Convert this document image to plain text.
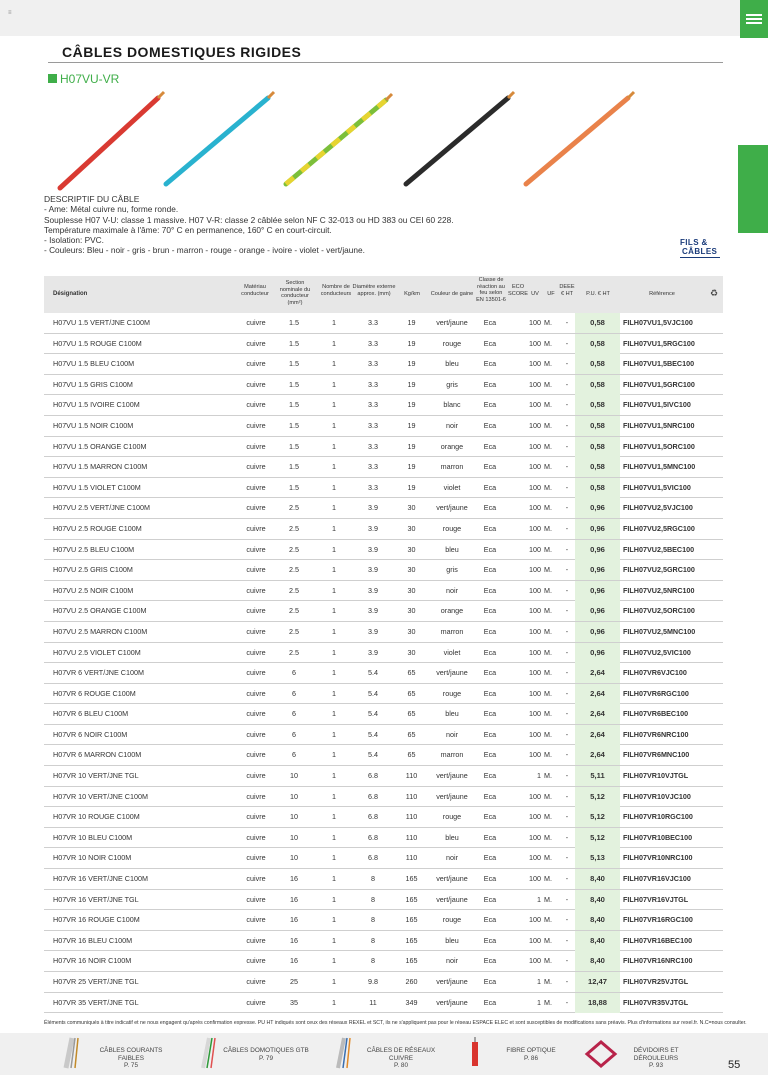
≡
CÂBLES DOMESTIQUES RIGIDES
H07VU-VR
DESCRIPTIF DU CÂBLE
- Ame: Métal cuivre nu, forme ronde.
Souplesse H07 V-U: classe 1 massive. H07 V-R: classe 2 câblée selon NF C 32-013 ou HD 383 ou CEI 60 228.
Température maximale à l'âme: 70° C en permanence, 160° C en court-circuit.
- Isolation: PVC.
- Couleurs: Bleu - noir - gris - brun - marron - rouge - orange - ivoire - violet - vert/jaune.
FILS &
CÂBLES
Désignation
Matériau conducteur
Section nominale du conducteur (mm²)
Nombre de conducteurs
Diamètre externe approx. (mm)	Kg/km	Couleur de gaine
Classe de réaction au feu selon EN 13501-6
ECO SCORE UV	UF
DEEE € HT	P.U. € HT	Référence	♻
H07VU 1.5 VERT/JNE C100M	cuivre	1.5	1	3.3	19	vert/jaune	Eca	100 M.	-	0,58	FILH07VU1,5VJC100
H07VU 1.5 ROUGE C100M	cuivre	1.5	1	3.3	19	rouge	Eca	100 M.	-	0,58	FILH07VU1,5RGC100
H07VU 1.5 BLEU C100M	cuivre	1.5	1	3.3	19	bleu	Eca	100 M.	-	0,58	FILH07VU1,5BEC100
H07VU 1.5 GRIS C100M	cuivre	1.5	1	3.3	19	gris	Eca	100 M.	-	0,58	FILH07VU1,5GRC100
H07VU 1.5 IVOIRE C100M	cuivre	1.5	1	3.3	19	blanc	Eca	100 M.	-	0,58	FILH07VU1,5IVC100
H07VU 1.5 NOIR C100M	cuivre	1.5	1	3.3	19	noir	Eca	100 M.	-	0,58	FILH07VU1,5NRC100
H07VU 1.5 ORANGE C100M	cuivre	1.5	1	3.3	19	orange	Eca	100 M.	-	0,58	FILH07VU1,5ORC100
H07VU 1.5 MARRON C100M	cuivre	1.5	1	3.3	19	marron	Eca	100 M.	-	0,58	FILH07VU1,5MNC100
H07VU 1.5 VIOLET C100M	cuivre	1.5	1	3.3	19	violet	Eca	100 M.	-	0,58	FILH07VU1,5VIC100
H07VU 2.5 VERT/JNE C100M	cuivre	2.5	1	3.9	30	vert/jaune	Eca	100 M.	-	0,96	FILH07VU2,5VJC100
H07VU 2.5 ROUGE C100M	cuivre	2.5	1	3.9	30	rouge	Eca	100 M.	-	0,96	FILH07VU2,5RGC100
H07VU 2.5 BLEU C100M	cuivre	2.5	1	3.9	30	bleu	Eca	100 M.	-	0,96	FILH07VU2,5BEC100
H07VU 2.5 GRIS C100M	cuivre	2.5	1	3.9	30	gris	Eca	100 M.	-	0,96	FILH07VU2,5GRC100
H07VU 2.5 NOIR C100M	cuivre	2.5	1	3.9	30	noir	Eca	100 M.	-	0,96	FILH07VU2,5NRC100
H07VU 2.5 ORANGE C100M	cuivre	2.5	1	3.9	30	orange	Eca	100 M.	-	0,96	FILH07VU2,5ORC100
H07VU 2.5 MARRON C100M	cuivre	2.5	1	3.9	30	marron	Eca	100 M.	-	0,96	FILH07VU2,5MNC100
H07VU 2.5 VIOLET C100M	cuivre	2.5	1	3.9	30	violet	Eca	100 M.	-	0,96	FILH07VU2,5VIC100
H07VR 6 VERT/JNE C100M	cuivre	6	1	5.4	65	vert/jaune	Eca	100 M.	-	2,64	FILH07VR6VJC100
H07VR 6 ROUGE C100M	cuivre	6	1	5.4	65	rouge	Eca	100 M.	-	2,64	FILH07VR6RGC100
H07VR 6 BLEU C100M	cuivre	6	1	5.4	65	bleu	Eca	100 M.	-	2,64	FILH07VR6BEC100
H07VR 6 NOIR C100M	cuivre	6	1	5.4	65	noir	Eca	100 M.	-	2,64	FILH07VR6NRC100
H07VR 6 MARRON C100M	cuivre	6	1	5.4	65	marron	Eca	100 M.	-	2,64	FILH07VR6MNC100
H07VR 10 VERT/JNE TGL	cuivre	10	1	6.8	110	vert/jaune	Eca	1 M.	-	5,11	FILH07VR10VJTGL
H07VR 10 VERT/JNE C100M	cuivre	10	1	6.8	110	vert/jaune	Eca	100 M.	-	5,12	FILH07VR10VJC100
H07VR 10 ROUGE C100M	cuivre	10	1	6.8	110	rouge	Eca	100 M.	-	5,12	FILH07VR10RGC100
H07VR 10 BLEU C100M	cuivre	10	1	6.8	110	bleu	Eca	100 M.	-	5,12	FILH07VR10BEC100
H07VR 10 NOIR C100M	cuivre	10	1	6.8	110	noir	Eca	100 M.	-	5,13	FILH07VR10NRC100
H07VR 16 VERT/JNE C100M	cuivre	16	1	8	165	vert/jaune	Eca	100 M.	-	8,40	FILH07VR16VJC100
H07VR 16 VERT/JNE TGL	cuivre	16	1	8	165	vert/jaune	Eca	1 M.	-	8,40	FILH07VR16VJTGL
H07VR 16 ROUGE C100M	cuivre	16	1	8	165	rouge	Eca	100 M.	-	8,40	FILH07VR16RGC100
H07VR 16 BLEU C100M	cuivre	16	1	8	165	bleu	Eca	100 M.	-	8,40	FILH07VR16BEC100
H07VR 16 NOIR C100M	cuivre	16	1	8	165	noir	Eca	100 M.	-	8,40	FILH07VR16NRC100
H07VR 25 VERT/JNE TGL	cuivre	25	1	9.8	260	vert/jaune	Eca	1 M.	-	12,47	FILH07VR25VJTGL
H07VR 35 VERT/JNE TGL	cuivre	35	1	11	349	vert/jaune	Eca	1 M.	-	18,88	FILH07VR35VJTGL
Éléments communiqués à titre indicatif et ne nous engagent qu'après confirmation expresse. PU HT indiqués sont ceux des réseaux REXEL et SCT, ils ne s'appliquent pas pour le réseau ESPACE ELEC et sont susceptibles de modifications sans préavis. Plus d'informations sur rexel.fr. N.C=nous consulter.
CÂBLES COURANTS FAIBLES
P. 75
CÂBLES DOMOTIQUES GTB
P. 79
CÂBLES DE RÉSEAUX CUIVRE
P. 80
FIBRE OPTIQUE
P. 86
DÉVIDOIRS ET DÉROULEURS
P. 93	55
